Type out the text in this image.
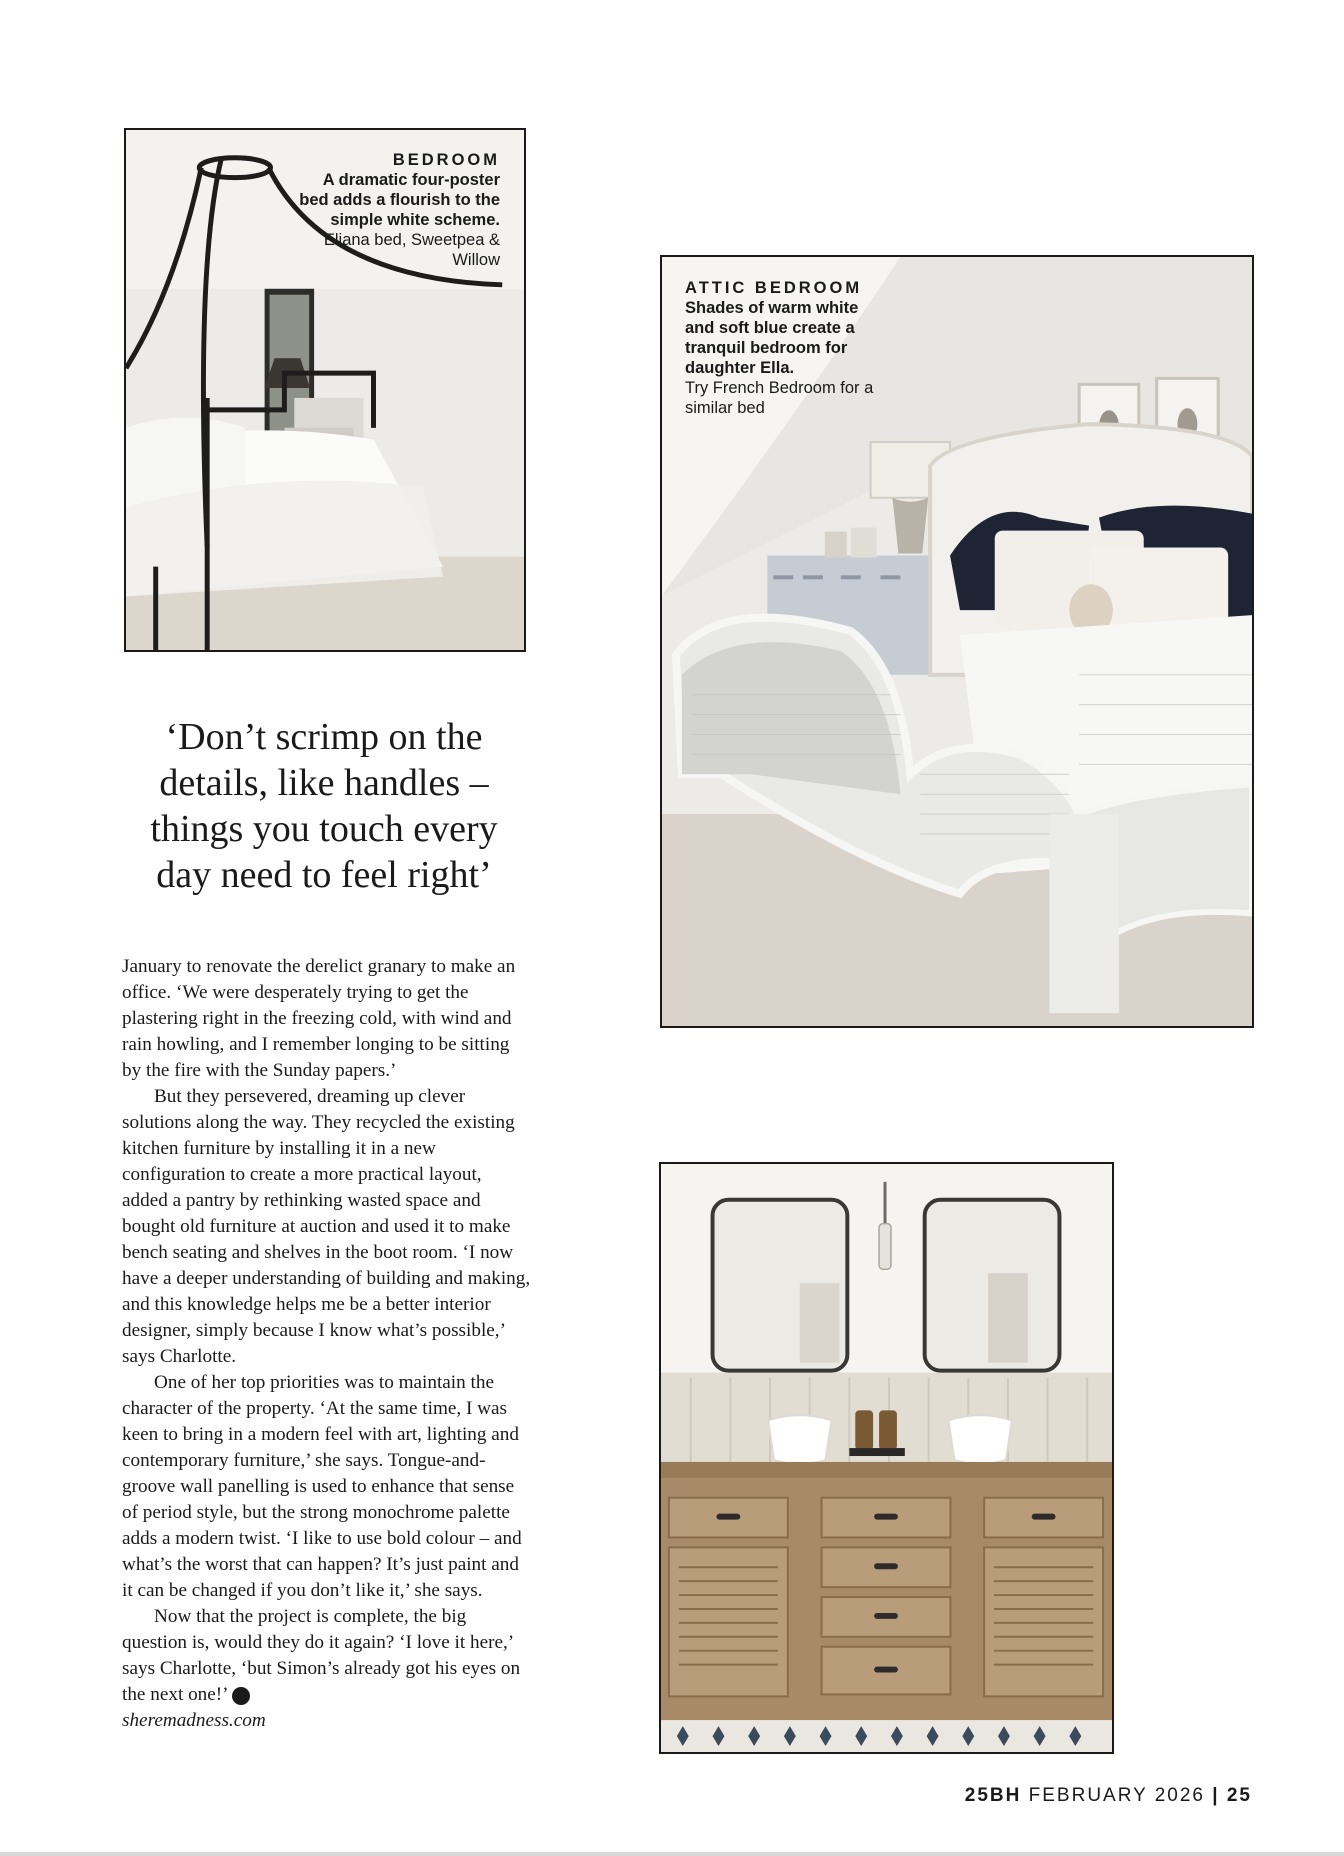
BEDROOM
A dramatic four-poster bed adds a flourish to the simple white scheme.
Eliana bed, Sweetpea & Willow
ATTIC BEDROOM
Shades of warm white and soft blue create a tranquil bedroom for daughter Ella.
Try French Bedroom for a similar bed
‘Don’t scrimp on the details, like handles – things you touch every day need to feel right’

January to renovate the derelict granary to make an office. ‘We were desperately trying to get the plastering right in the freezing cold, with wind and rain howling, and I remember longing to be sitting by the fire with the Sunday papers.’

But they persevered, dreaming up clever solutions along the way. They recycled the existing kitchen furniture by installing it in a new configuration to create a more practical layout, added a pantry by rethinking wasted space and bought old furniture at auction and used it to make bench seating and shelves in the boot room. ‘I now have a deeper understanding of building and making, and this knowledge helps me be a better interior designer, simply because I know what’s possible,’ says Charlotte.

One of her top priorities was to maintain the character of the property. ‘At the same time, I was keen to bring in a modern feel with art, lighting and contemporary furniture,’ she says. Tongue-and-groove wall panelling is used to enhance that sense of period style, but the strong monochrome palette adds a modern twist. ‘I like to use bold colour – and what’s the worst that can happen? It’s just paint and it can be changed if you don’t like it,’ she says.

Now that the project is complete, the big question is, would they do it again? ‘I love it here,’ says Charlotte, ‘but Simon’s already got his eyes on the next one!’	25

sheremadness.com

25BH FEBRUARY 2026 | 25
